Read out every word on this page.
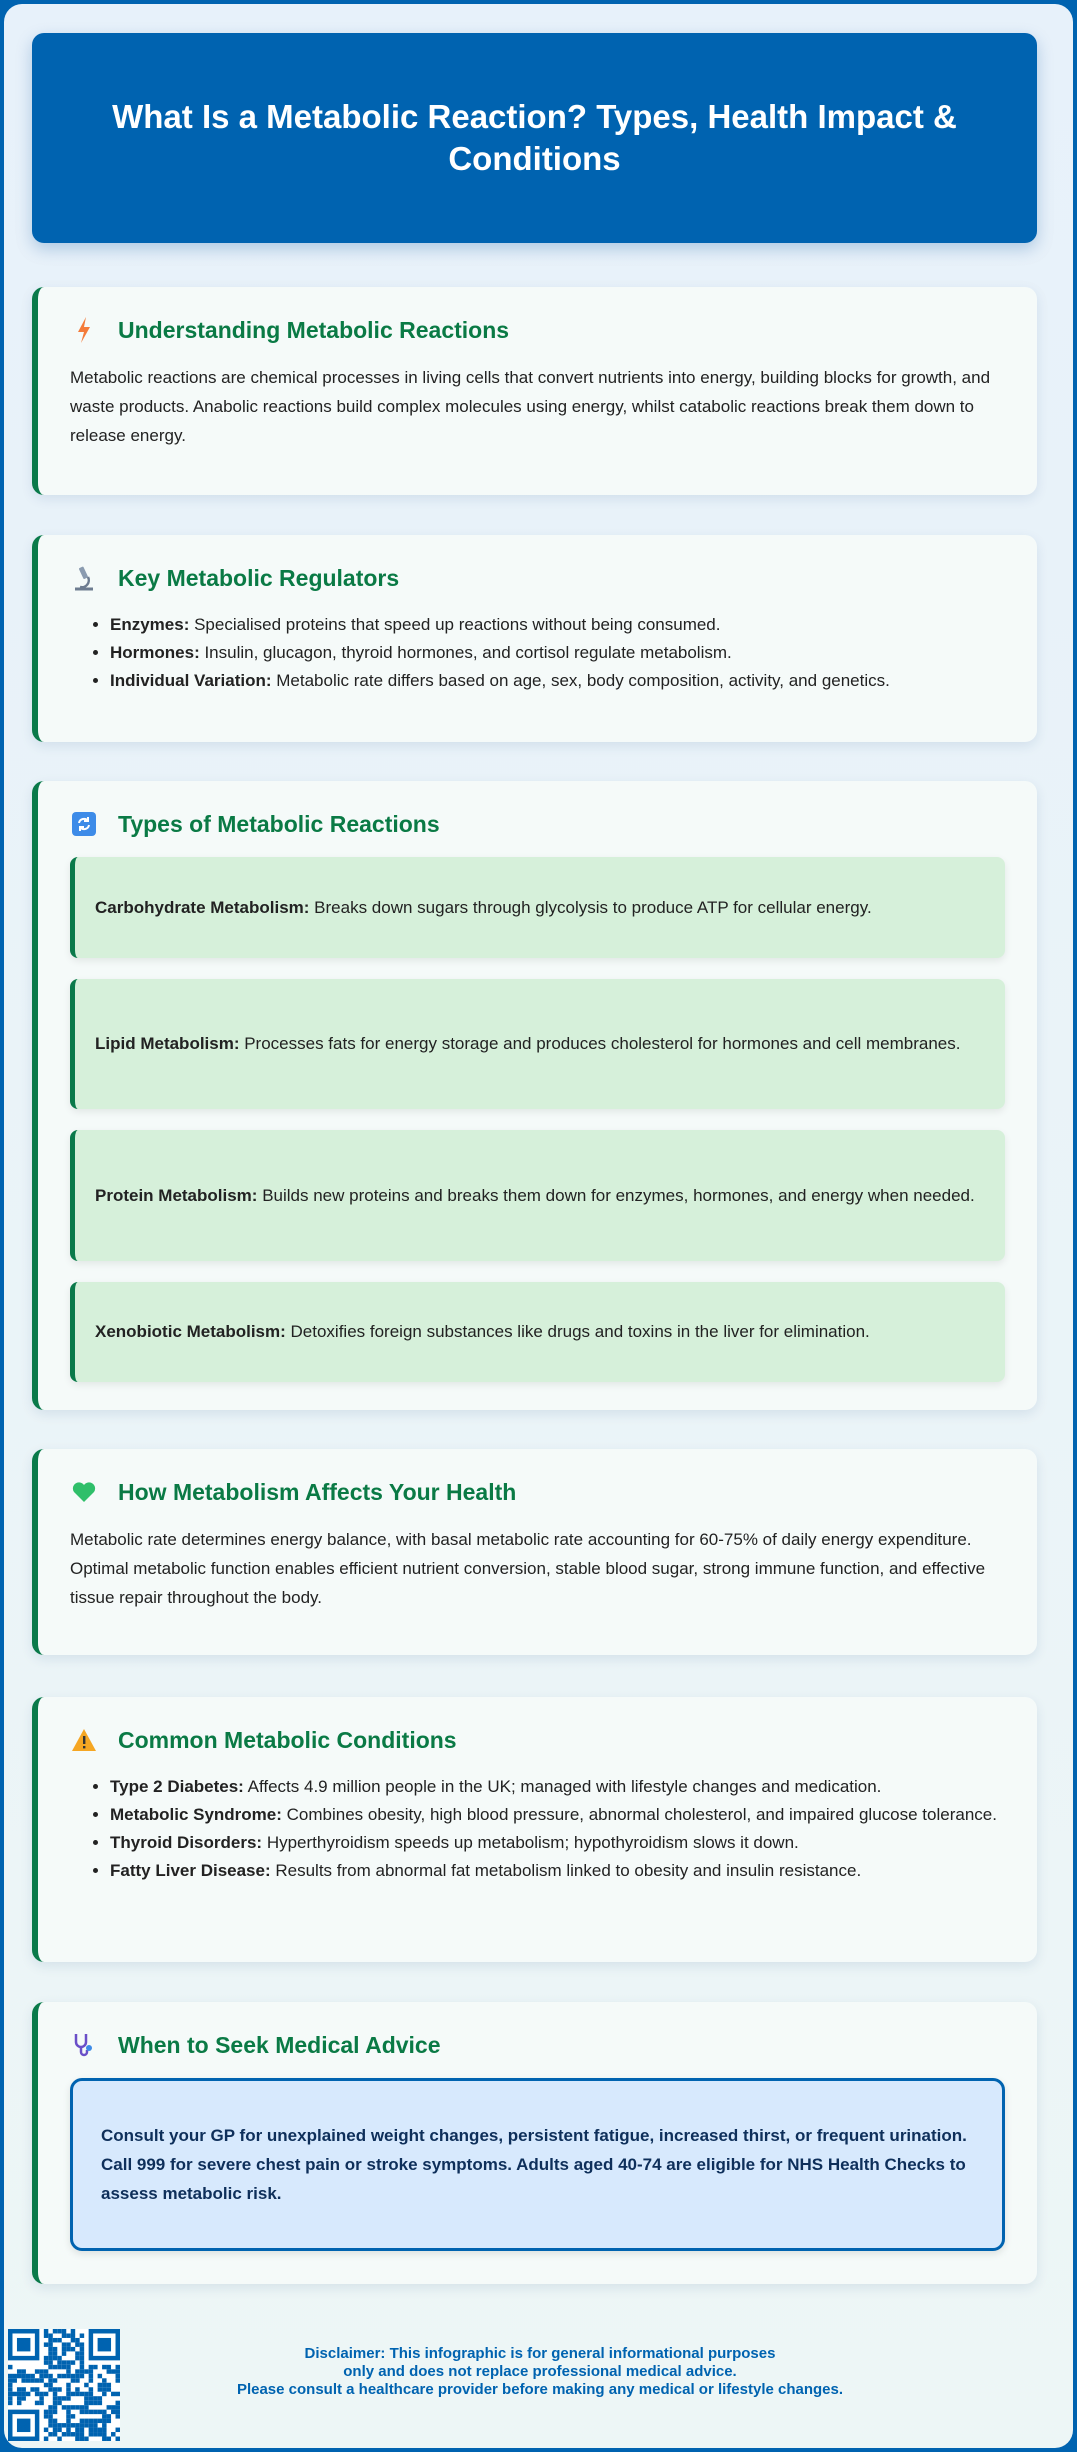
What Is a Metabolic Reaction? Types, Health Impact & Conditions
Understanding Metabolic Reactions

Metabolic reactions are chemical processes in living cells that convert nutrients into energy, building blocks for growth, and waste products. Anabolic reactions build complex molecules using energy, whilst catabolic reactions break them down to release energy.

Key Metabolic Regulators
• Enzymes: Specialised proteins that speed up reactions without being consumed.
• Hormones: Insulin, glucagon, thyroid hormones, and cortisol regulate metabolism.
• Individual Variation: Metabolic rate differs based on age, sex, body composition, activity, and genetics.
Types of Metabolic Reactions
Carbohydrate Metabolism: Breaks down sugars through glycolysis to produce ATP for cellular energy.
Lipid Metabolism: Processes fats for energy storage and produces cholesterol for hormones and cell membranes.
Protein Metabolism: Builds new proteins and breaks them down for enzymes, hormones, and energy when needed.
Xenobiotic Metabolism: Detoxifies foreign substances like drugs and toxins in the liver for elimination.
How Metabolism Affects Your Health

Metabolic rate determines energy balance, with basal metabolic rate accounting for 60-75% of daily energy expenditure. Optimal metabolic function enables efficient nutrient conversion, stable blood sugar, strong immune function, and effective tissue repair throughout the body.

Common Metabolic Conditions
• Type 2 Diabetes: Affects 4.9 million people in the UK; managed with lifestyle changes and medication.
• Metabolic Syndrome: Combines obesity, high blood pressure, abnormal cholesterol, and impaired glucose tolerance.
• Thyroid Disorders: Hyperthyroidism speeds up metabolism; hypothyroidism slows it down.
• Fatty Liver Disease: Results from abnormal fat metabolism linked to obesity and insulin resistance.
When to Seek Medical Advice

Consult your GP for unexplained weight changes, persistent fatigue, increased thirst, or frequent urination. Call 999 for severe chest pain or stroke symptoms. Adults aged 40-74 are eligible for NHS Health Checks to assess metabolic risk.

Disclaimer: This infographic is for general informational purposes
only and does not replace professional medical advice.
Please consult a healthcare provider before making any medical or lifestyle changes.
